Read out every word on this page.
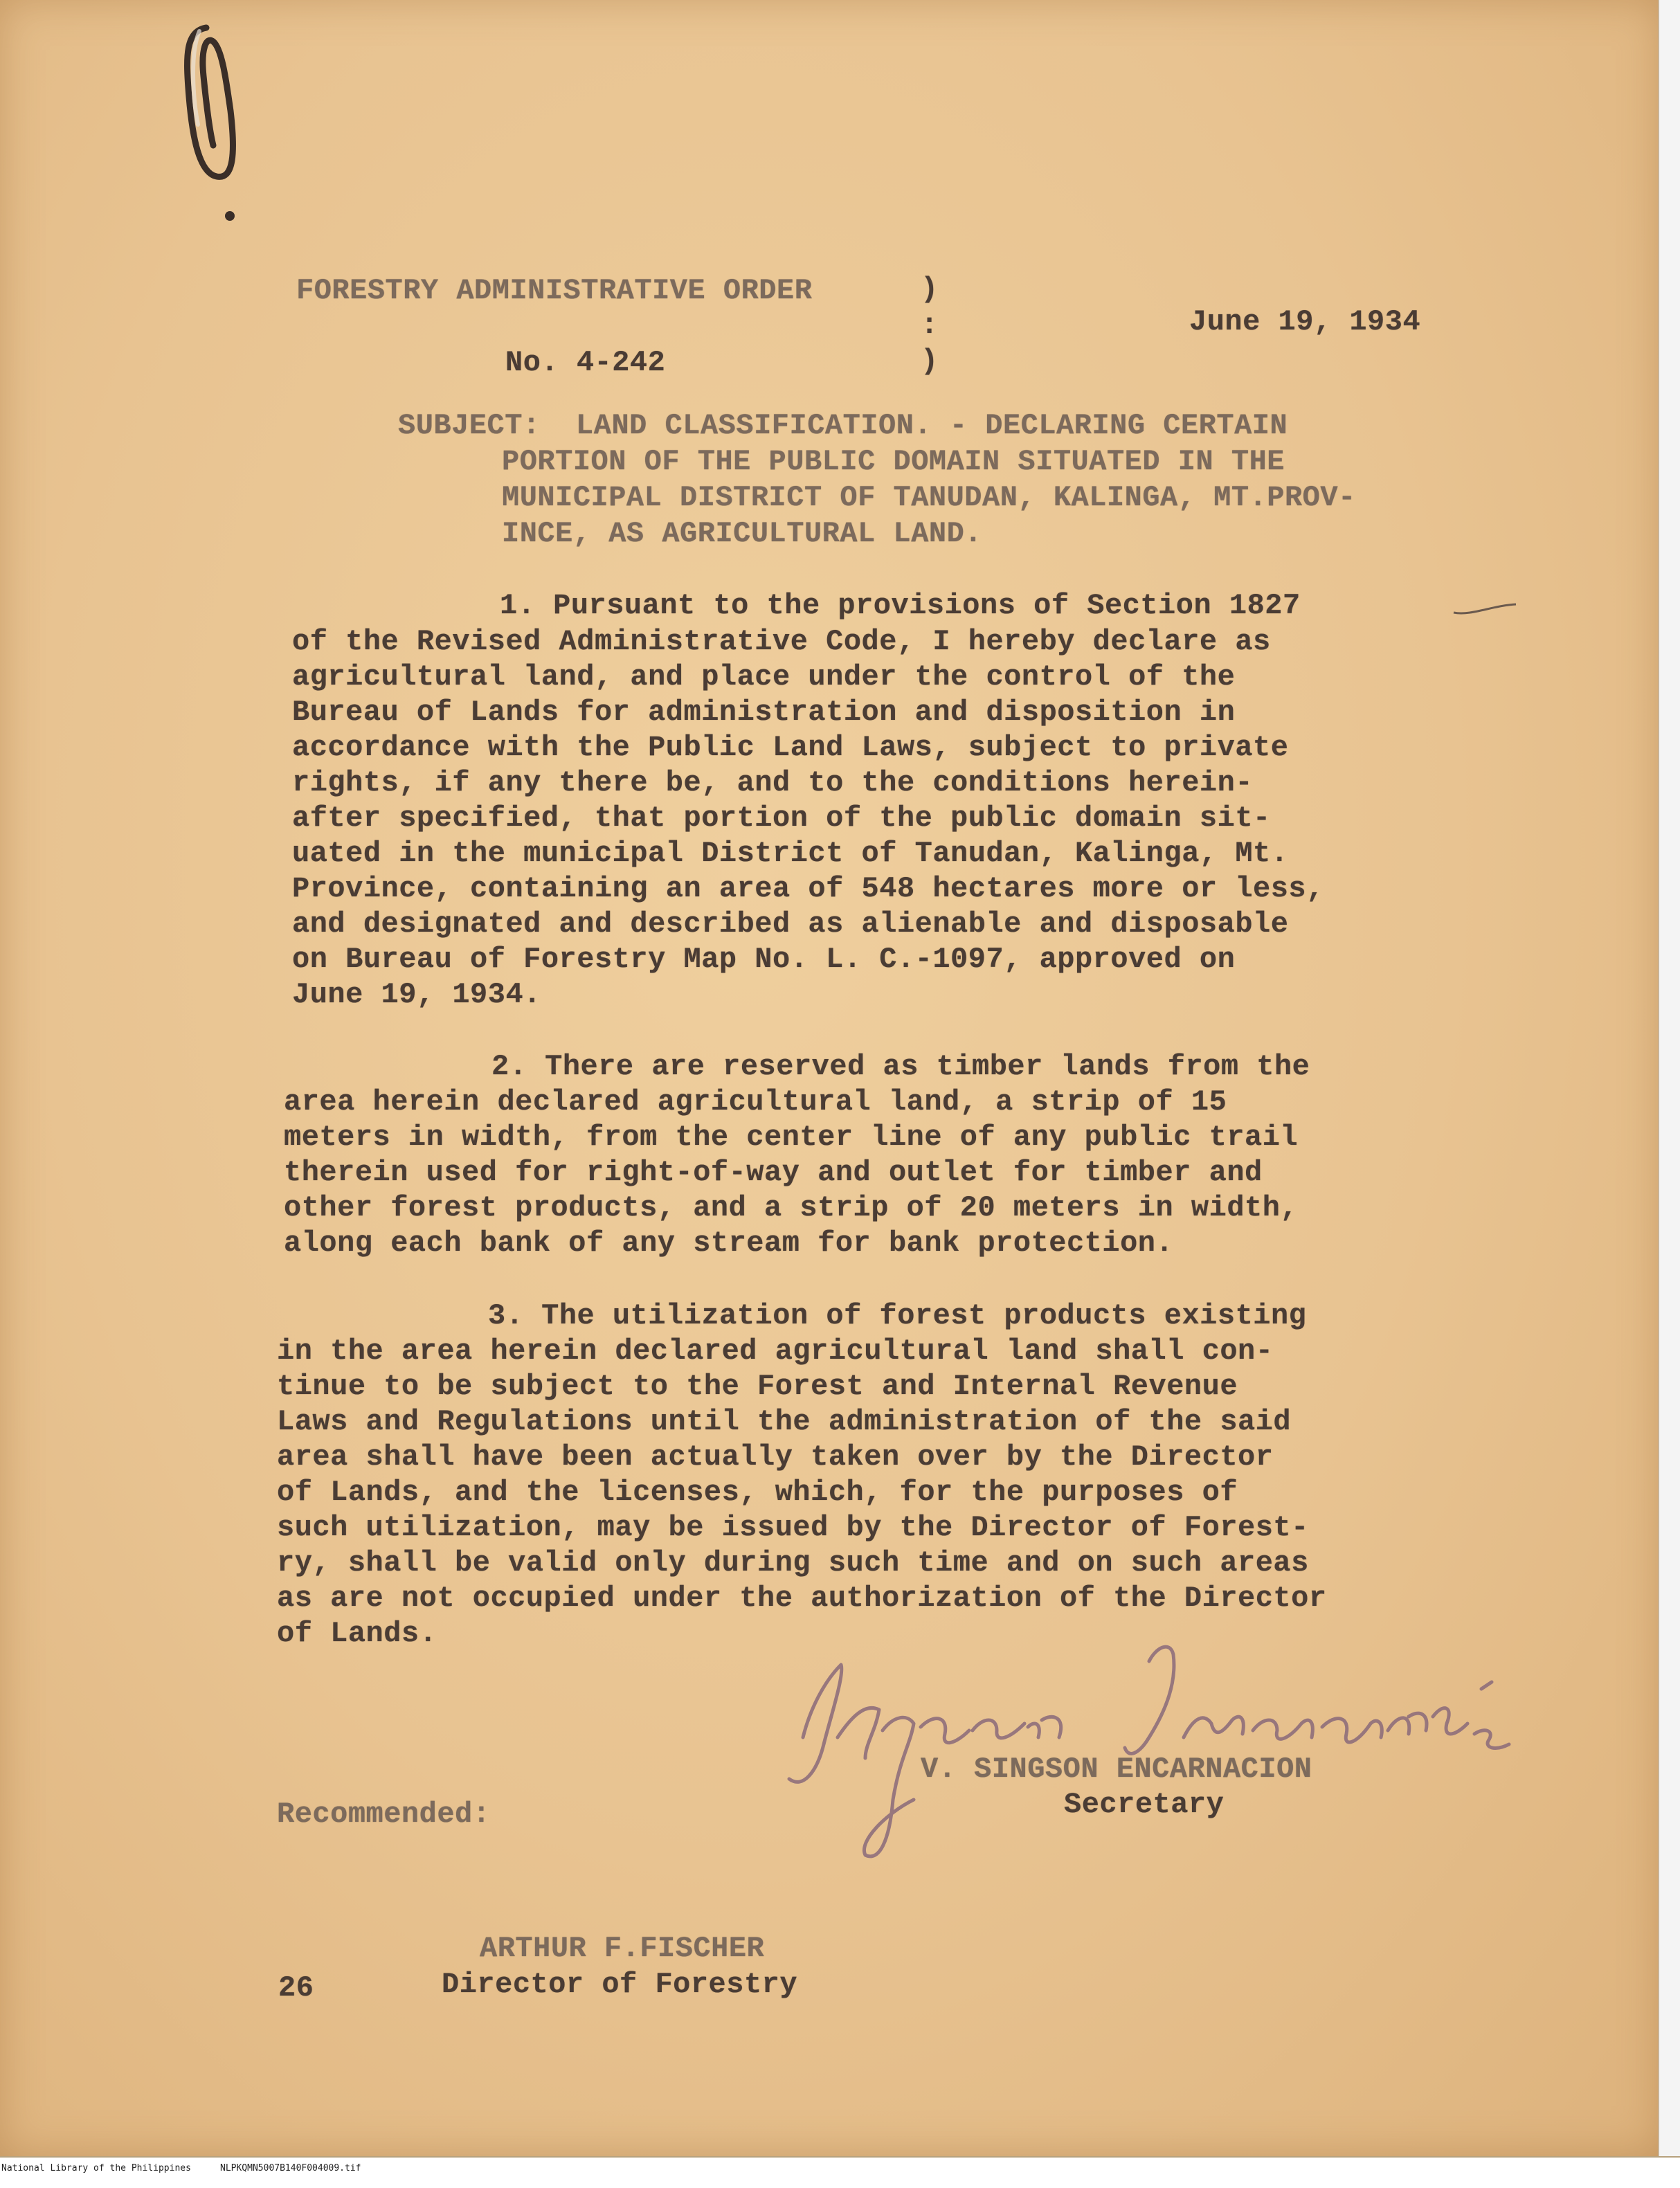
FORESTRY ADMINISTRATIVE ORDER	)
:
)
No. 4-242
June 19, 1934
SUBJECT:  LAND CLASSIFICATION. - DECLARING CERTAIN
PORTION OF THE PUBLIC DOMAIN SITUATED IN THE
MUNICIPAL DISTRICT OF TANUDAN, KALINGA, MT.PROV-
INCE, AS AGRICULTURAL LAND.
1. Pursuant to the provisions of Section 1827
of the Revised Administrative Code, I hereby declare as
agricultural land, and place under the control of the
Bureau of Lands for administration and disposition in
accordance with the Public Land Laws, subject to private
rights, if any there be, and to the conditions herein-
after specified, that portion of the public domain sit-
uated in the municipal District of Tanudan, Kalinga, Mt.
Province, containing an area of 548 hectares more or less,
and designated and described as alienable and disposable
on Bureau of Forestry Map No. L. C.-1097, approved on
June 19, 1934.
2. There are reserved as timber lands from the
area herein declared agricultural land, a strip of 15
meters in width, from the center line of any public trail
therein used for right-of-way and outlet for timber and
other forest products, and a strip of 20 meters in width,
along each bank of any stream for bank protection.
3. The utilization of forest products existing
in the area herein declared agricultural land shall con-
tinue to be subject to the Forest and Internal Revenue
Laws and Regulations until the administration of the said
area shall have been actually taken over by the Director
of Lands, and the licenses, which, for the purposes of
such utilization, may be issued by the Director of Forest-
ry, shall be valid only during such time and on such areas
as are not occupied under the authorization of the Director
of Lands.
V. SINGSON ENCARNACION
Secretary
Recommended:
ARTHUR F.FISCHER
Director of Forestry
26
National Library of the Philippines	NLPKQMN5007B140F004009.tif
